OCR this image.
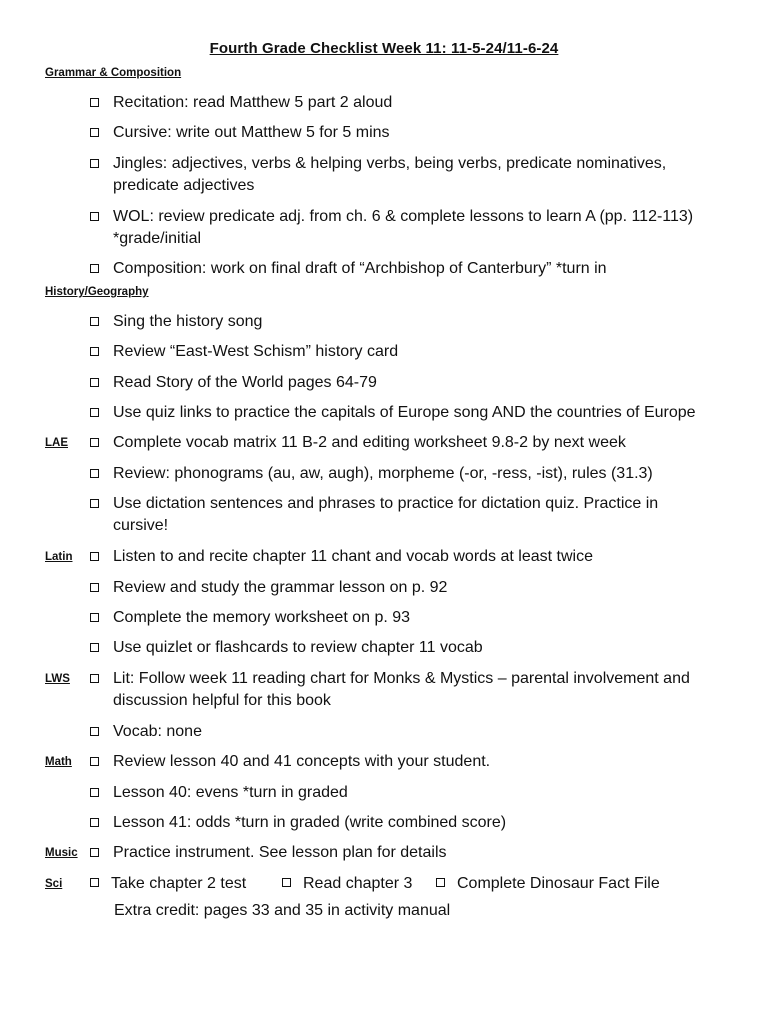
Fourth Grade Checklist Week 11: 11-5-24/11-6-24
Grammar & Composition
Recitation: read Matthew 5 part 2 aloud
Cursive: write out Matthew 5 for 5 mins
Jingles: adjectives, verbs & helping verbs, being verbs, predicate nominatives, predicate adjectives
WOL: review predicate adj. from ch. 6 & complete lessons to learn A (pp. 112-113) *grade/initial
Composition: work on final draft of “Archbishop of Canterbury” *turn in
History/Geography
Sing the history song
Review “East-West Schism” history card
Read Story of the World pages 64-79
Use quiz links to practice the capitals of Europe song AND the countries of Europe
LAE	Complete vocab matrix 11 B-2 and editing worksheet 9.8-2 by next week
Review: phonograms (au, aw, augh), morpheme (-or, -ress, -ist), rules (31.3)
Use dictation sentences and phrases to practice for dictation quiz. Practice in cursive!
Latin	Listen to and recite chapter 11 chant and vocab words at least twice
Review and study the grammar lesson on p. 92
Complete the memory worksheet on p. 93
Use quizlet or flashcards to review chapter 11 vocab
LWS	Lit: Follow week 11 reading chart for Monks & Mystics – parental involvement and discussion helpful for this book
Vocab: none
Math	Review lesson 40 and 41 concepts with your student.
Lesson 40: evens *turn in graded
Lesson 41: odds *turn in graded (write combined score)
Music Practice instrument. See lesson plan for details
Sci	Take chapter 2 test	Read chapter 3	Complete Dinosaur Fact File
Extra credit: pages 33 and 35 in activity manual
